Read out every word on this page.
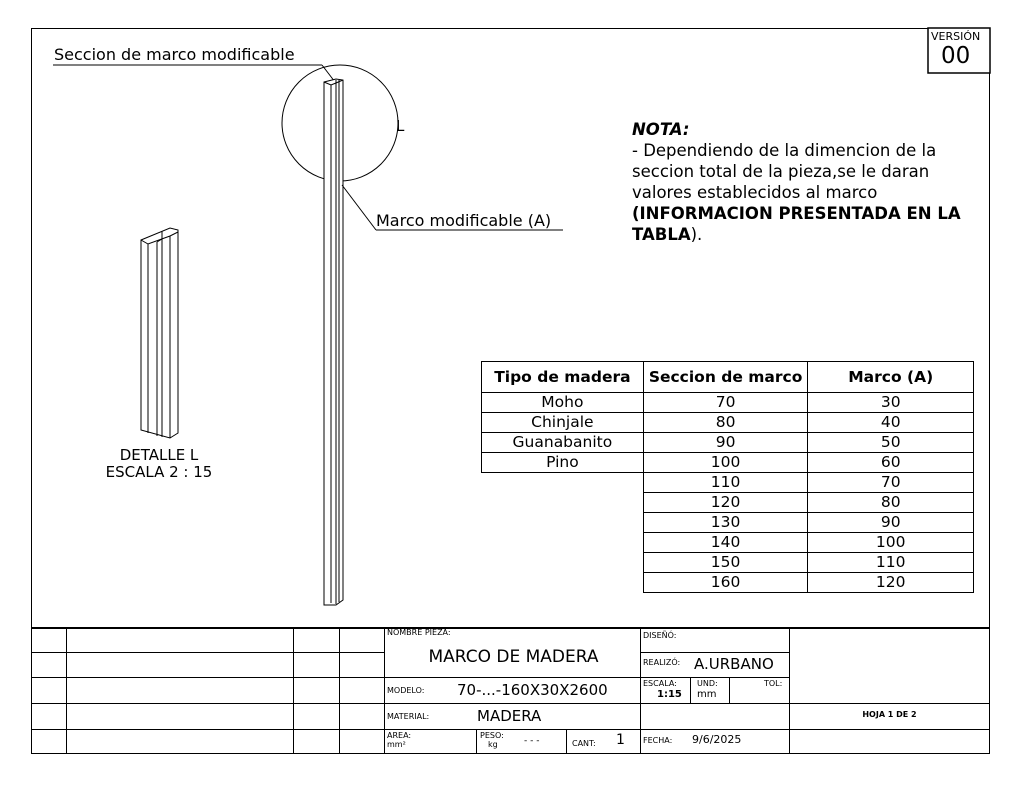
VERSIÓN
00
Seccion de marco modificable
L
Marco modificable (A)
DETALLE L
ESCALA 2 : 15
NOTA:
- Dependiendo de la dimencion de la
seccion total de la pieza,se le daran
valores establecidos al marco
(INFORMACION PRESENTADA EN LA
TABLA).
Tipo de madera	Seccion de marco	Marco (A)
Moho	70	30
Chinjale	80	40
Guanabanito	90	50
Pino	100	60
	110	70
	120	80
	130	90
	140	100
	150	110
	160	120
NOMBRE PIEZA:
MARCO DE MADERA
MODELO: 70-...-160X30X2600
MATERIAL:	MADERA
AREA:
mm²
PESO:
kg	- - -	CANT: 1
DISEÑÓ:
REALIZÓ: A.URBANO
ESCALA:
1:15
UND:
mm
TOL:
FECHA: 9/6/2025
HOJA 1 DE 2
